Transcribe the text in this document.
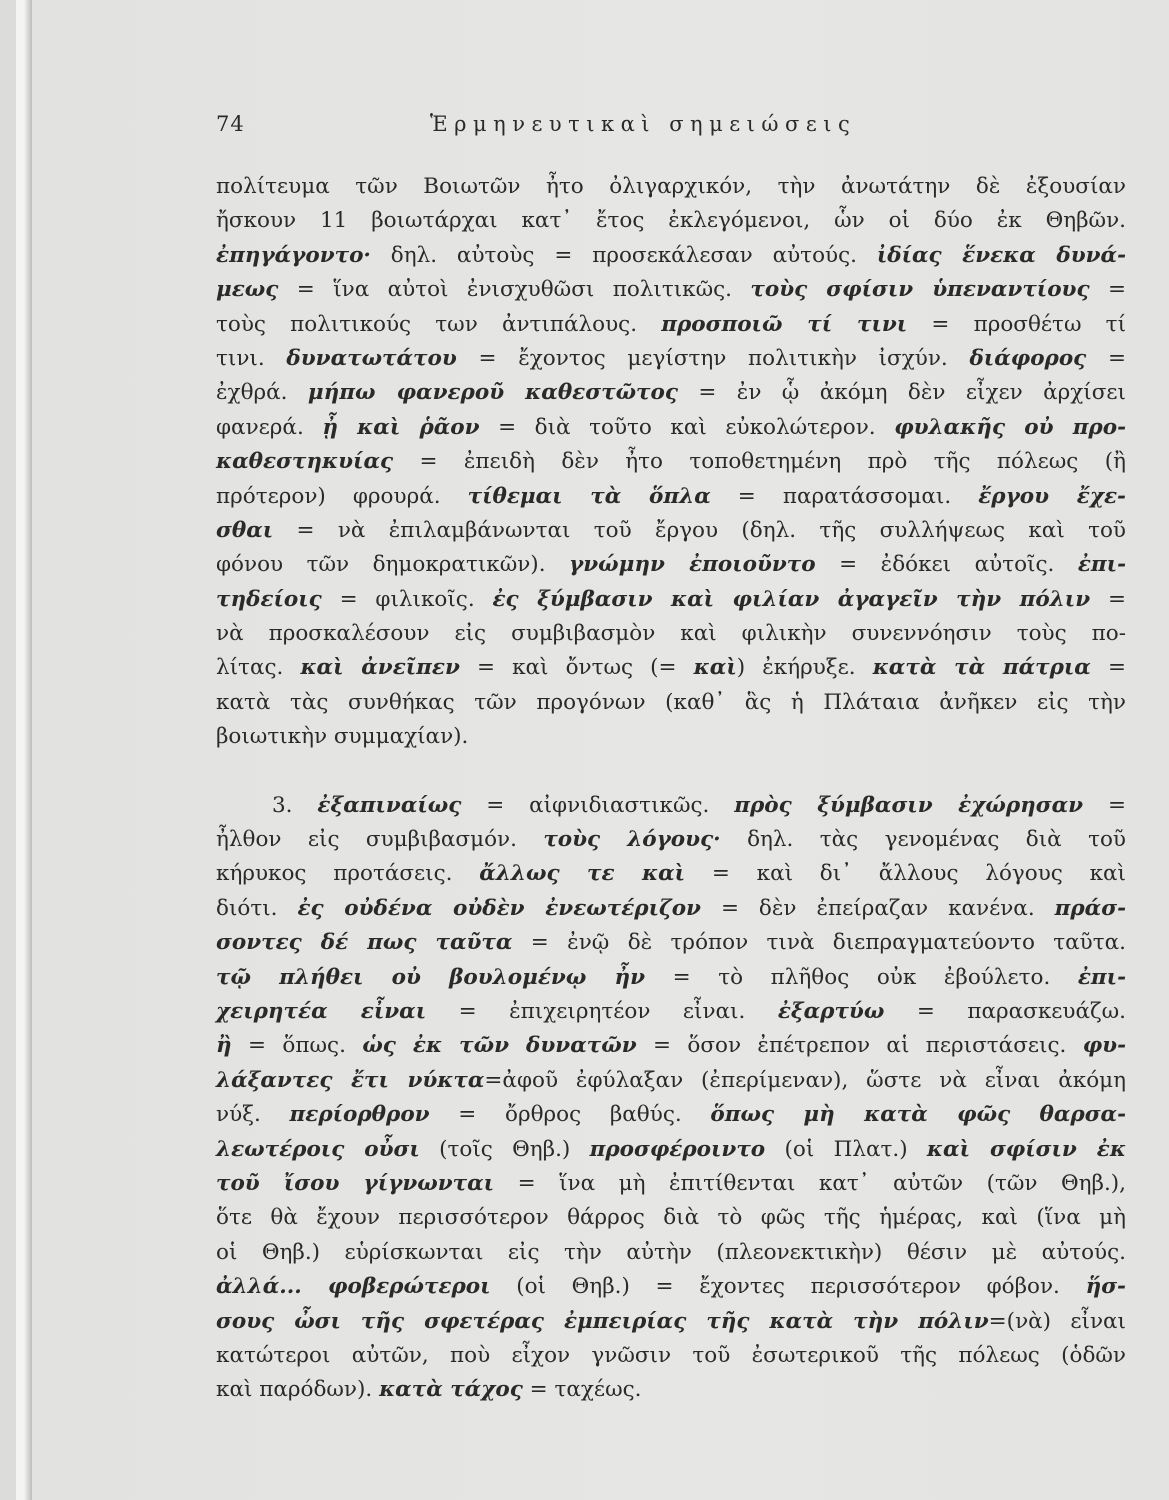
74	Ἑρμηνευτικαὶ σημειώσεις
πολίτευμα τῶν Βοιωτῶν ἦτο ὀλιγαρχικόν, τὴν ἀνωτάτην δὲ ἐξουσίαν
ἤσκουν 11 βοιωτάρχαι κατ᾽ ἔτος ἐκλεγόμενοι, ὧν οἱ δύο ἐκ Θηβῶν.
ἐπηγάγοντο· δηλ. αὐτοὺς = προσεκάλεσαν αὐτούς. ἰδίας ἕνεκα δυνά-
μεως = ἵνα αὐτοὶ ἐνισχυθῶσι πολιτικῶς. τοὺς σφίσιν ὑπεναντίους =
τοὺς πολιτικούς των ἀντιπάλους. προσποιῶ τί τινι = προσθέτω τί
τινι. δυνατωτάτου = ἔχοντος μεγίστην πολιτικὴν ἰσχύν. διάφορος =
ἐχθρά. μήπω φανεροῦ καθεστῶτος = ἐν ᾧ ἀκόμη δὲν εἶχεν ἀρχίσει
φανερά. ᾖ καὶ ῥᾶον = διὰ τοῦτο καὶ εὐκολώτερον. φυλακῆς οὐ προ-
καθεστηκυίας = ἐπειδὴ δὲν ἦτο τοποθετημένη πρὸ τῆς πόλεως (ἢ
πρότερον) φρουρά. τίθεμαι τὰ ὅπλα = παρατάσσομαι. ἔργου ἔχε-
σθαι = νὰ ἐπιλαμβάνωνται τοῦ ἔργου (δηλ. τῆς συλλήψεως καὶ τοῦ
φόνου τῶν δημοκρατικῶν). γνώμην ἐποιοῦντο = ἐδόκει αὐτοῖς. ἐπι-
τηδείοις = φιλικοῖς. ἐς ξύμβασιν καὶ φιλίαν ἀγαγεῖν τὴν πόλιν =
νὰ προσκαλέσουν εἰς συμβιβασμὸν καὶ φιλικὴν συνεννόησιν τοὺς πο-
λίτας. καὶ ἀνεῖπεν = καὶ ὄντως (= καὶ) ἐκήρυξε. κατὰ τὰ πάτρια =
κατὰ τὰς συνθήκας τῶν προγόνων (καθ᾽ ἃς ἡ Πλάταια ἀνῆκεν εἰς τὴν
βοιωτικὴν συμμαχίαν).
3. ἐξαπιναίως = αἰφνιδιαστικῶς. πρὸς ξύμβασιν ἐχώρησαν =
ἦλθον εἰς συμβιβασμόν. τοὺς λόγους· δηλ. τὰς γενομένας διὰ τοῦ
κήρυκος προτάσεις. ἄλλως τε καὶ = καὶ δι᾽ ἄλλους λόγους καὶ
διότι. ἐς οὐδένα οὐδὲν ἐνεωτέριζον = δὲν ἐπείραζαν κανένα. πράσ-
σοντες δέ πως ταῦτα = ἐνῷ δὲ τρόπον τινὰ διεπραγματεύοντο ταῦτα.
τῷ πλήθει οὐ βουλομένῳ ἦν = τὸ πλῆθος οὐκ ἐβούλετο. ἐπι-
χειρητέα εἶναι = ἐπιχειρητέον εἶναι. ἐξαρτύω = παρασκευάζω.
ἢ = ὅπως. ὡς ἐκ τῶν δυνατῶν = ὅσον ἐπέτρεπον αἱ περιστάσεις. φυ-
λάξαντες ἔτι νύκτα=ἀφοῦ ἐφύλαξαν (ἐπερίμεναν), ὥστε νὰ εἶναι ἀκόμη
νύξ. περίορθρον = ὄρθρος βαθύς. ὅπως μὴ κατὰ φῶς θαρσα-
λεωτέροις οὖσι (τοῖς Θηβ.) προσφέροιντο (οἱ Πλατ.) καὶ σφίσιν ἐκ
τοῦ ἴσου γίγνωνται = ἵνα μὴ ἐπιτίθενται κατ᾽ αὐτῶν (τῶν Θηβ.),
ὅτε θὰ ἔχουν περισσότερον θάρρος διὰ τὸ φῶς τῆς ἡμέρας, καὶ (ἵνα μὴ
οἱ Θηβ.) εὑρίσκωνται εἰς τὴν αὐτὴν (πλεονεκτικὴν) θέσιν μὲ αὐτούς.
ἀλλά... φοβερώτεροι (οἱ Θηβ.) = ἔχοντες περισσότερον φόβον. ἥσ-
σους ὦσι τῆς σφετέρας ἐμπειρίας τῆς κατὰ τὴν πόλιν=(νὰ) εἶναι
κατώτεροι αὐτῶν, ποὺ εἶχον γνῶσιν τοῦ ἐσωτερικοῦ τῆς πόλεως (ὁδῶν
καὶ παρόδων). κατὰ τάχος = ταχέως.
